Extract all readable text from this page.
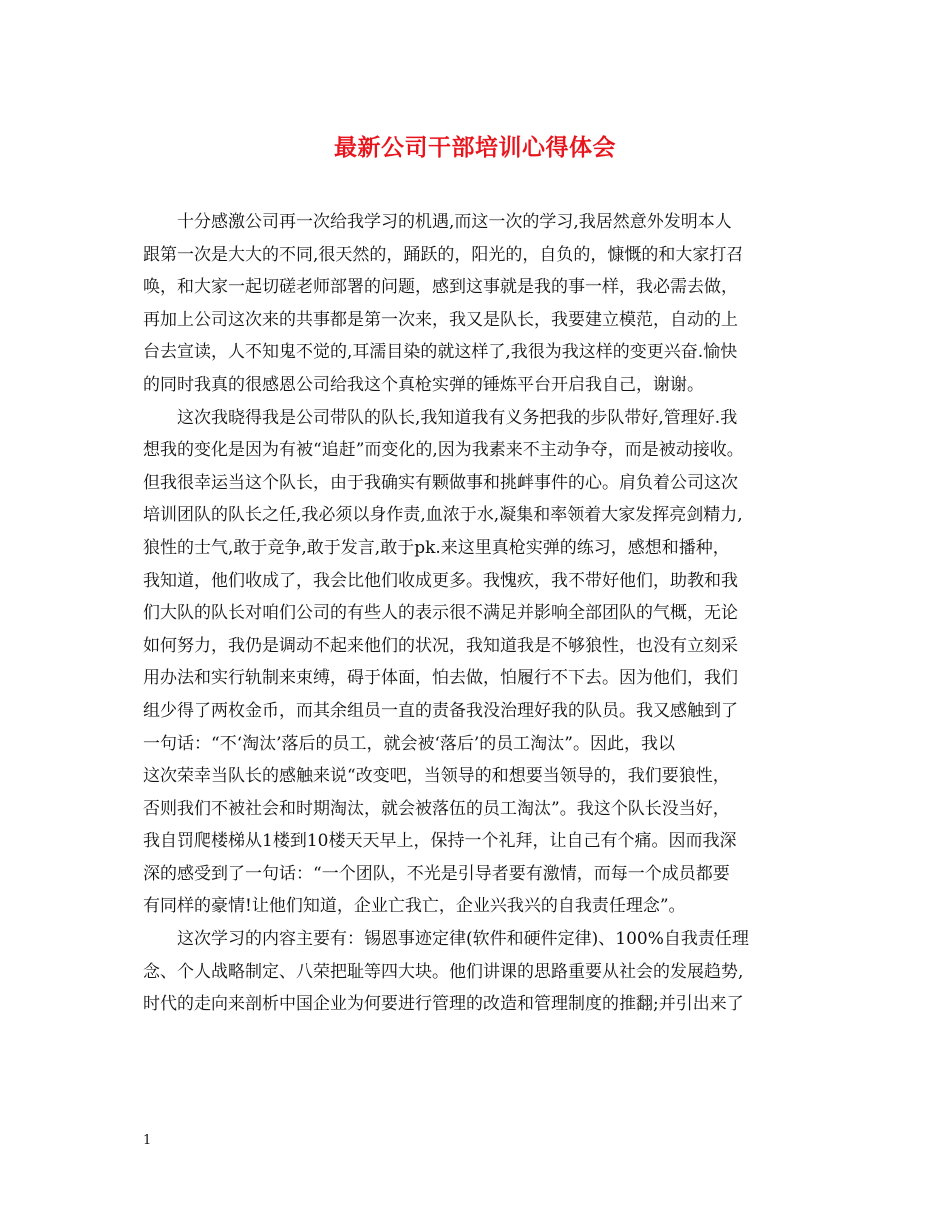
最新公司干部培训心得体会
　　十分感激公司再一次给我学习的机遇,而这一次的学习,我居然意外发明本人
跟第一次是大大的不同,很天然的，踊跃的，阳光的，自负的，慷慨的和大家打召
唤，和大家一起切磋老师部署的问题，感到这事就是我的事一样，我必需去做，
再加上公司这次来的共事都是第一次来，我又是队长，我要建立模范，自动的上
台去宣读，人不知鬼不觉的,耳濡目染的就这样了,我很为我这样的变更兴奋.愉快
的同时我真的很感恩公司给我这个真枪实弹的锤炼平台开启我自己，谢谢。
　　这次我晓得我是公司带队的队长,我知道我有义务把我的步队带好,管理好.我
想我的变化是因为有被“追赶”而变化的,因为我素来不主动争夺，而是被动接收。
但我很幸运当这个队长，由于我确实有颗做事和挑衅事件的心。肩负着公司这次
培训团队的队长之任,我必须以身作责,血浓于水,凝集和率领着大家发挥亮剑精力,
狼性的士气,敢于竞争,敢于发言,敢于pk.来这里真枪实弹的练习，感想和播种，
我知道，他们收成了，我会比他们收成更多。我愧疚，我不带好他们，助教和我
们大队的队长对咱们公司的有些人的表示很不满足并影响全部团队的气概，无论
如何努力，我仍是调动不起来他们的状况，我知道我是不够狼性，也没有立刻采
用办法和实行轨制来束缚，碍于体面，怕去做，怕履行不下去。因为他们，我们
组少得了两枚金币，而其余组员一直的责备我没治理好我的队员。我又感触到了
一句话：“不‘淘汰’落后的员工，就会被‘落后’的员工淘汰”。因此，我以
这次荣幸当队长的感触来说“改变吧，当领导的和想要当领导的，我们要狼性，
否则我们不被社会和时期淘汰，就会被落伍的员工淘汰”。我这个队长没当好，
我自罚爬楼梯从1楼到10楼天天早上，保持一个礼拜，让自己有个痛。因而我深
深的感受到了一句话：“一个团队，不光是引导者要有激情，而每一个成员都要
有同样的豪情!让他们知道，企业亡我亡，企业兴我兴的自我责任理念”。
　　这次学习的内容主要有：锡恩事迹定律(软件和硬件定律)、100%自我责任理
念、个人战略制定、八荣把耻等四大块。他们讲课的思路重要从社会的发展趋势,
时代的走向来剖析中国企业为何要进行管理的改造和管理制度的推翻;并引出来了
1
